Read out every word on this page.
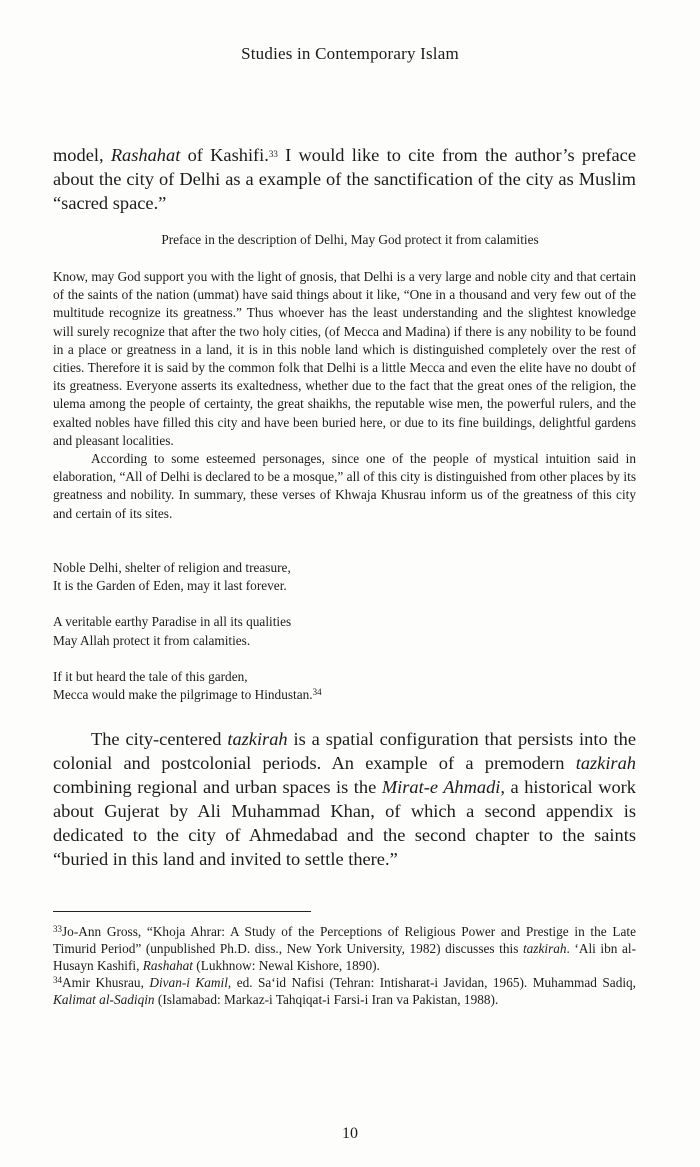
Studies in Contemporary Islam

model, Rashahat of Kashifi.$^{33}$ I would like to cite from the author’s preface about the city of Delhi as a example of the sanctification of the city as Muslim “sacred space.”

Preface in the description of Delhi, May God protect it from calamities

Know, may God support you with the light of gnosis, that Delhi is a very large and noble city and that certain of the saints of the nation (ummat) have said things about it like, “One in a thousand and very few out of the multitude recognize its greatness.” Thus whoever has the least understanding and the slightest knowledge will surely recognize that after the two holy cities, (of Mecca and Madina) if there is any nobility to be found in a place or greatness in a land, it is in this noble land which is distinguished completely over the rest of cities. Therefore it is said by the common folk that Delhi is a little Mecca and even the elite have no doubt of its greatness. Everyone asserts its exaltedness, whether due to the fact that the great ones of the religion, the ulema among the people of certainty, the great shaikhs, the reputable wise men, the powerful rulers, and the exalted nobles have filled this city and have been buried here, or due to its fine buildings, delightful gardens and pleasant localities.

According to some esteemed personages, since one of the people of mystical intuition said in elaboration, “All of Delhi is declared to be a mosque,” all of this city is distinguished from other places by its greatness and nobility. In summary, these verses of Khwaja Khusrau inform us of the greatness of this city and certain of its sites.

Noble Delhi, shelter of religion and treasure,
It is the Garden of Eden, may it last forever.
A veritable earthy Paradise in all its qualities
May Allah protect it from calamities.
If it but heard the tale of this garden,
Mecca would make the pilgrimage to Hindustan.$^{34}$

The city-centered tazkirah is a spatial configuration that persists into the colonial and postcolonial periods. An example of a premodern tazkirah combining regional and urban spaces is the Mirat-e Ahmadi, a historical work about Gujerat by Ali Muhammad Khan, of which a second appendix is dedicated to the city of Ahmedabad and the second chapter to the saints “buried in this land and invited to settle there.”

$^{33}$Jo-Ann Gross, “Khoja Ahrar: A Study of the Perceptions of Religious Power and Prestige in the Late Timurid Period” (unpublished Ph.D. diss., New York University, 1982) discusses this tazkirah. ‘Ali ibn al-Husayn Kashifi, Rashahat (Lukhnow: Newal Kishore, 1890).

$^{34}$Amir Khusrau, Divan-i Kamil, ed. Sa‘id Nafisi (Tehran: Intisharat-i Javidan, 1965). Muhammad Sadiq, Kalimat al-Sadiqin (Islamabad: Markaz-i Tahqiqat-i Farsi-i Iran va Pakistan, 1988).

10
